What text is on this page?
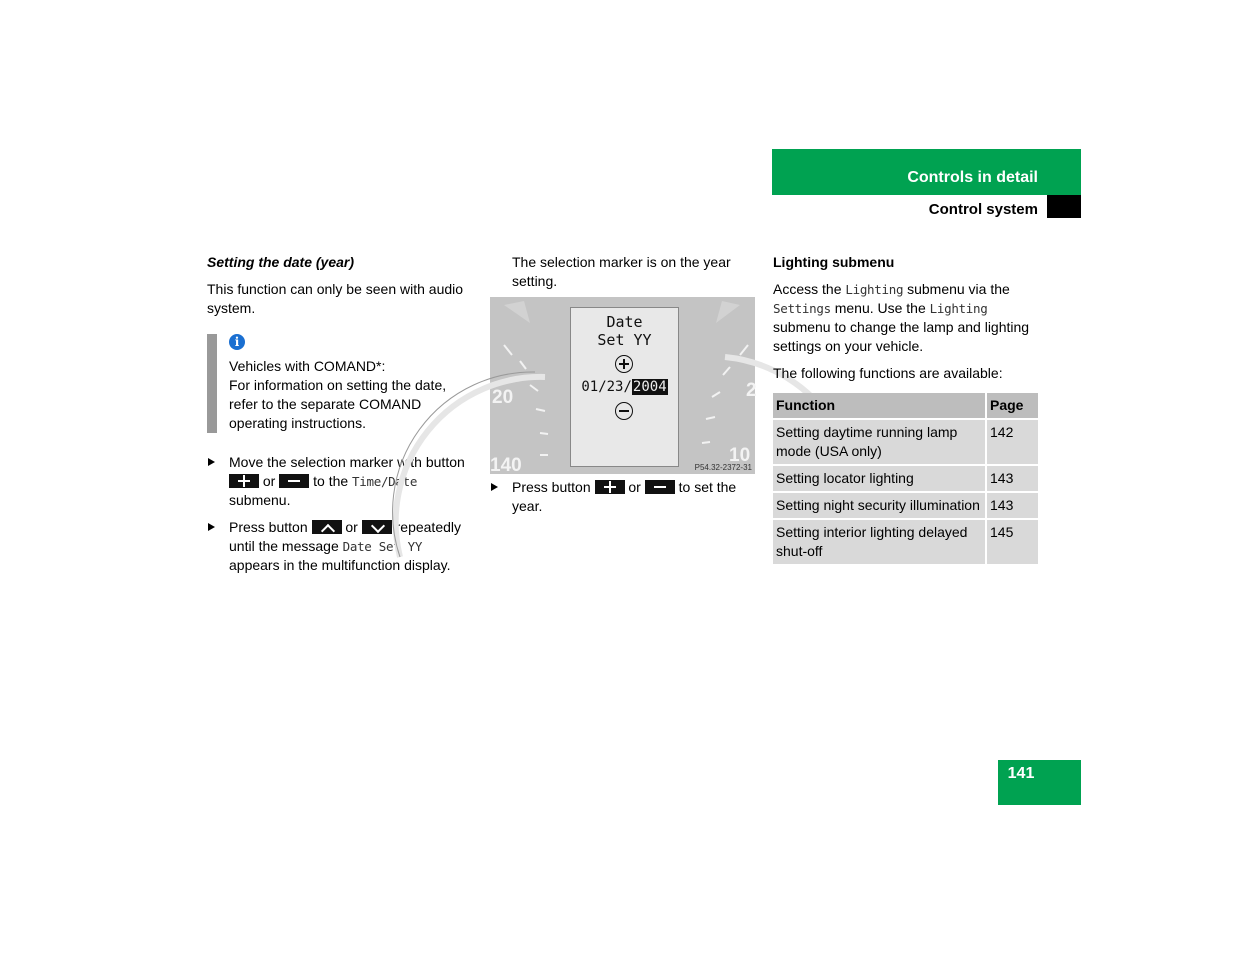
Controls in detail
Control system
Setting the date (year)

This function can only be seen with audio system.

i
Vehicles with COMAND*:
For information on setting the date, refer to the separate COMAND operating instructions.
Move the selection marker with button  or	to the Time/Date submenu.
Press button	or	repeatedly until the message Date Set YY appears in the multifunction display.

The selection marker is on the year setting.

20
140
2
10
Date
Set YY
01/23/2004
P54.32-2372-31
Press button	or	to set the year.
Lighting submenu

Access the Lighting submenu via the Settings menu. Use the Lighting submenu to change the lamp and lighting settings on your vehicle.

The following functions are available:

Function	Page
Setting daytime running lamp mode (USA only)	142
Setting locator lighting	143
Setting night security illumination	143
Setting interior lighting delayed shut-off	145
141
